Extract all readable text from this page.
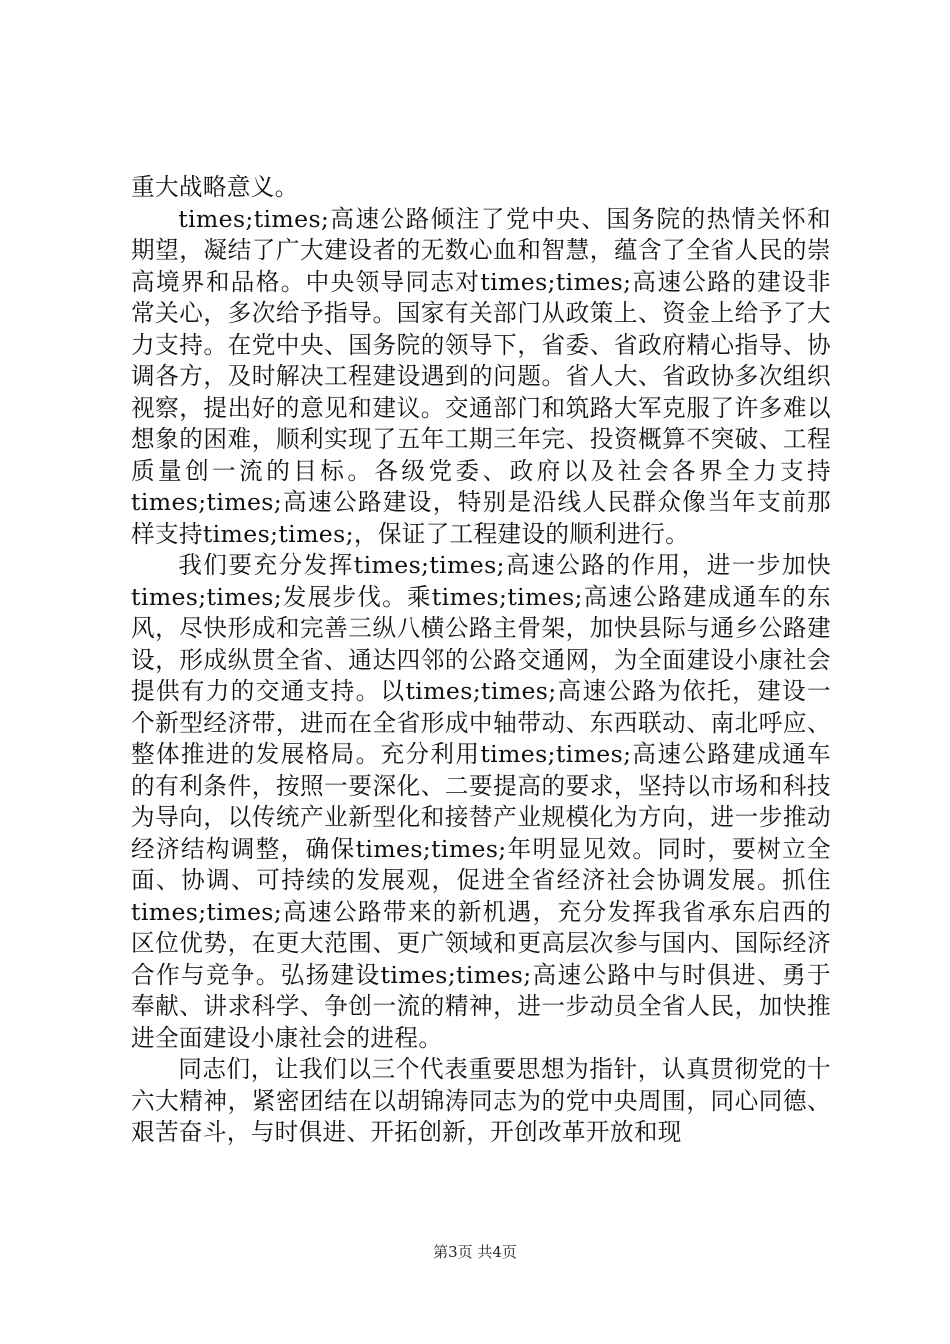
重大战略意义。

times;times;高速公路倾注了党中央、国务院的热情关怀和期望，凝结了广大建设者的无数心血和智慧，蕴含了全省人民的崇高境界和品格。中央领导同志对times;times;高速公路的建设非常关心，多次给予指导。国家有关部门从政策上、资金上给予了大力支持。在党中央、国务院的领导下，省委、省政府精心指导、协调各方，及时解决工程建设遇到的问题。省人大、省政协多次组织视察，提出好的意见和建议。交通部门和筑路大军克服了许多难以想象的困难，顺利实现了五年工期三年完、投资概算不突破、工程质量创一流的目标。各级党委、政府以及社会各界全力支持times;times;高速公路建设，特别是沿线人民群众像当年支前那样支持times;times;，保证了工程建设的顺利进行。

我们要充分发挥times;times;高速公路的作用，进一步加快times;times;发展步伐。乘times;times;高速公路建成通车的东风，尽快形成和完善三纵八横公路主骨架，加快县际与通乡公路建设，形成纵贯全省、通达四邻的公路交通网，为全面建设小康社会提供有力的交通支持。以times;times;高速公路为依托，建设一个新型经济带，进而在全省形成中轴带动、东西联动、南北呼应、整体推进的发展格局。充分利用times;times;高速公路建成通车的有利条件，按照一要深化、二要提高的要求，坚持以市场和科技为导向，以传统产业新型化和接替产业规模化为方向，进一步推动经济结构调整，确保times;times;年明显见效。同时，要树立全面、协调、可持续的发展观，促进全省经济社会协调发展。抓住times;times;高速公路带来的新机遇，充分发挥我省承东启西的区位优势，在更大范围、更广领域和更高层次参与国内、国际经济合作与竞争。弘扬建设times;times;高速公路中与时俱进、勇于奉献、讲求科学、争创一流的精神，进一步动员全省人民，加快推进全面建设小康社会的进程。

同志们，让我们以三个代表重要思想为指针，认真贯彻党的十六大精神，紧密团结在以胡锦涛同志为的党中央周围，同心同德、艰苦奋斗，与时俱进、开拓创新，开创改革开放和现

第3页 共4页
